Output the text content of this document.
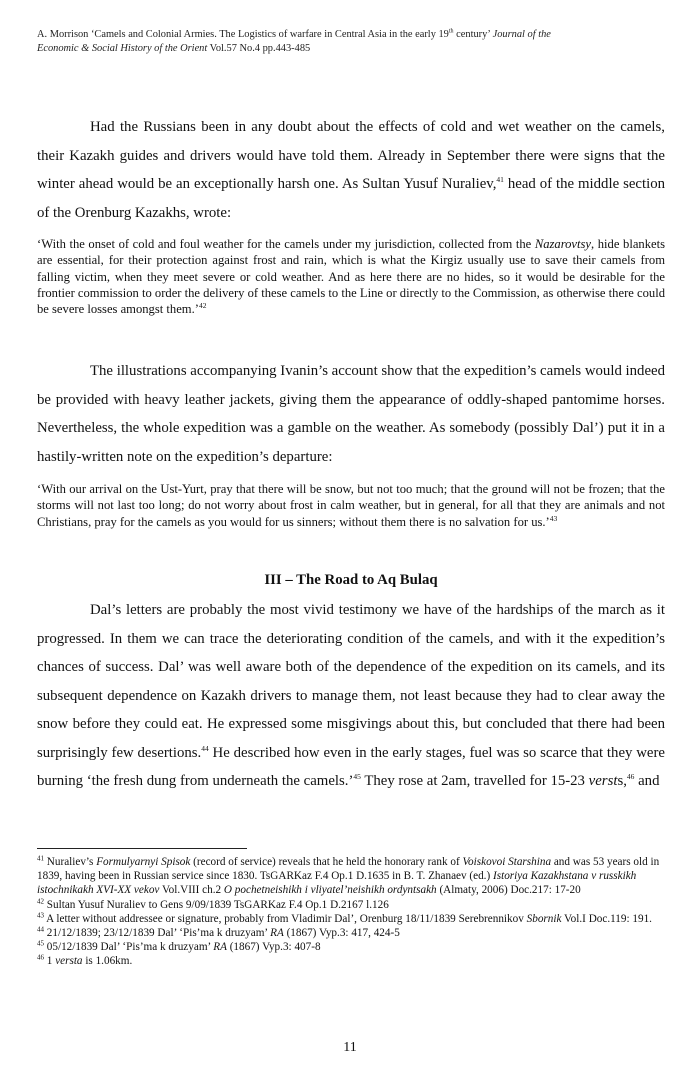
A. Morrison ‘Camels and Colonial Armies. The Logistics of warfare in Central Asia in the early 19th century’ Journal of the
Economic & Social History of the Orient Vol.57 No.4 pp.443-485

Had the Russians been in any doubt about the effects of cold and wet weather on the camels, their Kazakh guides and drivers would have told them. Already in September there were signs that the winter ahead would be an exceptionally harsh one. As Sultan Yusuf Nuraliev,$^{41}$ head of the middle section of the Orenburg Kazakhs, wrote:

‘With the onset of cold and foul weather for the camels under my jurisdiction, collected from the Nazarovtsy, hide blankets are essential, for their protection against frost and rain, which is what the Kirgiz usually use to save their camels from falling victim, when they meet severe or cold weather. And as here there are no hides, so it would be desirable for the frontier commission to order the delivery of these camels to the Line or directly to the Commission, as otherwise there could be severe losses amongst them.’$^{42}$

The illustrations accompanying Ivanin’s account show that the expedition’s camels would indeed be provided with heavy leather jackets, giving them the appearance of oddly-shaped pantomime horses. Nevertheless, the whole expedition was a gamble on the weather. As somebody (possibly Dal’) put it in a hastily-written note on the expedition’s departure:

‘With our arrival on the Ust-Yurt, pray that there will be snow, but not too much; that the ground will not be frozen; that the storms will not last too long; do not worry about frost in calm weather, but in general, for all that they are animals and not Christians, pray for the camels as you would for us sinners; without them there is no salvation for us.’$^{43}$

III – The Road to Aq Bulaq

Dal’s letters are probably the most vivid testimony we have of the hardships of the march as it progressed. In them we can trace the deteriorating condition of the camels, and with it the expedition’s chances of success. Dal’ was well aware both of the dependence of the expedition on its camels, and its subsequent dependence on Kazakh drivers to manage them, not least because they had to clear away the snow before they could eat. He expressed some misgivings about this, but concluded that there had been surprisingly few desertions.$^{44}$ He described how even in the early stages, fuel was so scarce that they were burning ‘the fresh dung from underneath the camels.’$^{45}$ They rose at 2am, travelled for 15-23 versts,$^{46}$ and

$^{41}$ Nuraliev’s Formulyarnyi Spisok (record of service) reveals that he held the honorary rank of Voiskovoi Starshina and was 53 years old in 1839, having been in Russian service since 1830. TsGARKaz F.4 Op.1 D.1635 in B. T. Zhanaev (ed.) Istoriya Kazakhstana v russkikh istochnikakh XVI-XX vekov Vol.VIII ch.2 O pochetneishikh i vliyatel’neishikh ordyntsakh (Almaty, 2006) Doc.217: 17-20

$^{42}$ Sultan Yusuf Nuraliev to Gens 9/09/1839 TsGARKaz F.4 Op.1 D.2167 l.126

$^{43}$ A letter without addressee or signature, probably from Vladimir Dal’, Orenburg 18/11/1839 Serebrennikov Sbornik Vol.I Doc.119: 191.

$^{44}$ 21/12/1839; 23/12/1839 Dal’ ‘Pis’ma k druzyam’ RA (1867) Vyp.3: 417, 424-5

$^{45}$ 05/12/1839 Dal’ ‘Pis’ma k druzyam’ RA (1867) Vyp.3: 407-8

$^{46}$ 1 versta is 1.06km.

11
